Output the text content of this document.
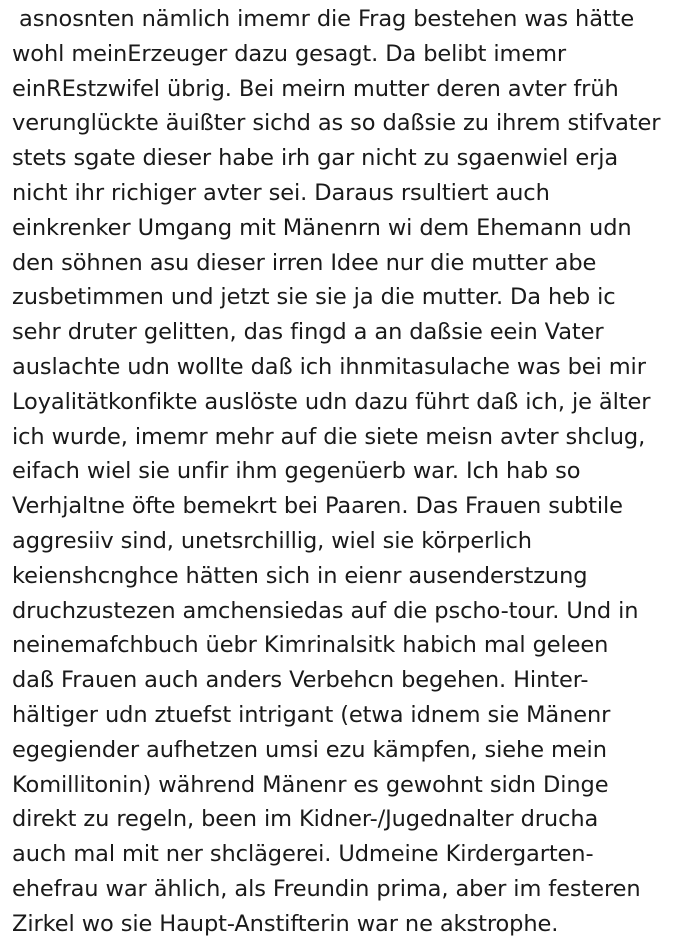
asnosnten nämlich imemr die Frag bestehen was hätte
wohl meinErzeuger dazu gesagt. Da belibt imemr
einREstzwifel übrig. Bei meirn mutter deren avter früh
verunglückte äuißter sichd as so daßsie zu ihrem stifvater
stets sgate dieser habe irh gar nicht zu sgaenwiel erja
nicht ihr richiger avter sei. Daraus rsultiert auch
einkrenker Umgang mit Mänenrn wi dem Ehemann udn
den söhnen asu dieser irren Idee nur die mutter abe
zusbetimmen und jetzt sie sie ja die mutter. Da heb ic
sehr druter gelitten, das fingd a an daßsie eein Vater
auslachte udn wollte daß ich ihnmitasulache was bei mir
Loyalitätkonfikte auslöste udn dazu führt daß ich, je älter
ich wurde, imemr mehr auf die siete meisn avter shclug,
eifach wiel sie unfir ihm gegenüerb war. Ich hab so
Verhjaltne öfte bemekrt bei Paaren. Das Frauen subtile
aggresiiv sind, unetsrchillig, wiel sie körperlich
keienshcnghce hätten sich in eienr ausenderstzung
druchzustezen amchensiedas auf die pscho-tour. Und in
neinemafchbuch üebr Kimrinalsitk habich mal geleen
daß Frauen auch anders Verbehcn begehen. Hinter-
hältiger udn ztuefst intrigant (etwa idnem sie Mänenr
egegiender aufhetzen umsi ezu kämpfen, siehe mein
Komillitonin) während Mänenr es gewohnt sidn Dinge
direkt zu regeln, been im Kidner-/Jugednalter drucha
auch mal mit ner shclägerei. Udmeine Kirdergarten-
ehefrau war ählich, als Freundin prima, aber im festeren
Zirkel wo sie Haupt-Anstifterin war ne akstrophe.
